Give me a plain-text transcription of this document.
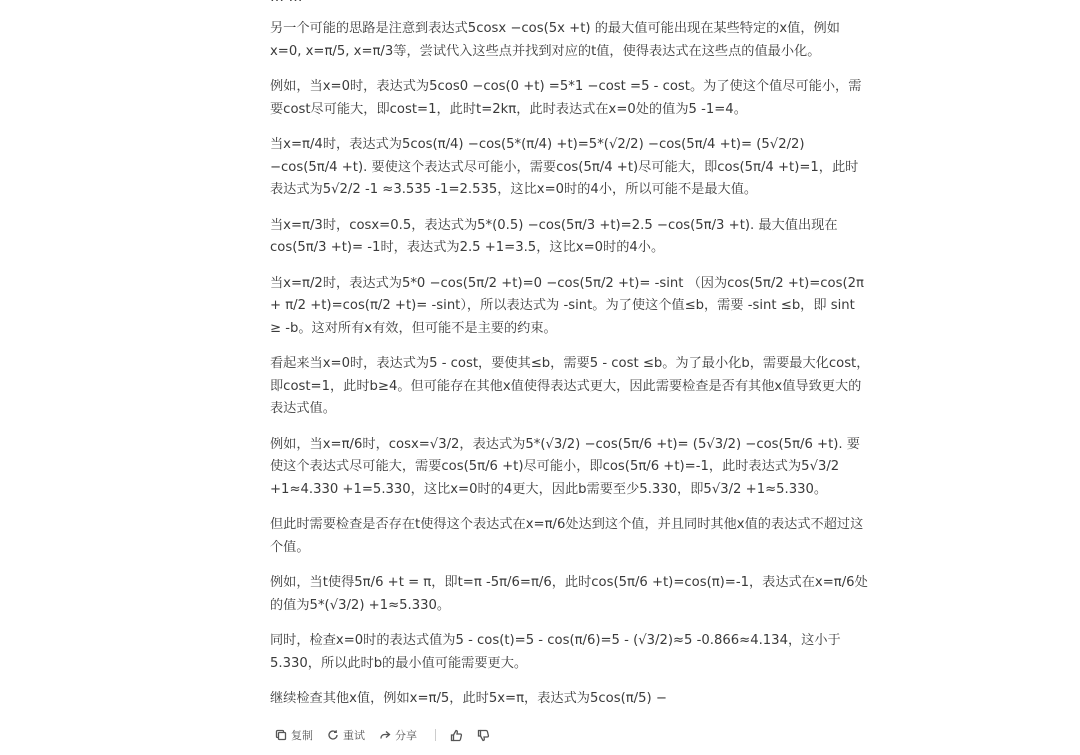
另一个可能的思路是注意到表达式5cosx −cos(5x +t) 的最大值可能出现在某些特定的x值，例如x=0, x=π/5, x=π/3等，尝试代入这些点并找到对应的t值，使得表达式在这些点的值最小化。

例如，当x=0时，表达式为5cos0 −cos(0 +t) =5*1 −cost =5 - cost。为了使这个值尽可能小，需要cost尽可能大，即cost=1，此时t=2kπ，此时表达式在x=0处的值为5 -1=4。

当x=π/4时，表达式为5cos(π/4) −cos(5*(π/4) +t)=5*(√2/2) −cos(5π/4 +t)= (5√2/2) −cos(5π/4 +t). 要使这个表达式尽可能小，需要cos(5π/4 +t)尽可能大，即cos(5π/4 +t)=1，此时表达式为5√2/2 -1 ≈3.535 -1=2.535，这比x=0时的4小，所以可能不是最大值。

当x=π/3时，cosx=0.5，表达式为5*(0.5) −cos(5π/3 +t)=2.5 −cos(5π/3 +t). 最大值出现在cos(5π/3 +t)= -1时，表达式为2.5 +1=3.5，这比x=0时的4小。

当x=π/2时，表达式为5*0 −cos(5π/2 +t)=0 −cos(5π/2 +t)= -sint （因为cos(5π/2 +t)=cos(2π + π/2 +t)=cos(π/2 +t)= -sint），所以表达式为 -sint。为了使这个值≤b，需要 -sint ≤b，即 sint ≥ -b。这对所有x有效，但可能不是主要的约束。

看起来当x=0时，表达式为5 - cost，要使其≤b，需要5 - cost ≤b。为了最小化b，需要最大化cost，即cost=1，此时b≥4。但可能存在其他x值使得表达式更大，因此需要检查是否有其他x值导致更大的表达式值。

例如，当x=π/6时，cosx=√3/2，表达式为5*(√3/2) −cos(5π/6 +t)= (5√3/2) −cos(5π/6 +t). 要使这个表达式尽可能大，需要cos(5π/6 +t)尽可能小，即cos(5π/6 +t)=-1，此时表达式为5√3/2 +1≈4.330 +1=5.330，这比x=0时的4更大，因此b需要至少5.330，即5√3/2 +1≈5.330。

但此时需要检查是否存在t使得这个表达式在x=π/6处达到这个值，并且同时其他x值的表达式不超过这个值。

例如，当t使得5π/6 +t = π，即t=π -5π/6=π/6，此时cos(5π/6 +t)=cos(π)=-1，表达式在x=π/6处的值为5*(√3/2) +1≈5.330。

同时，检查x=0时的表达式值为5 - cos(t)=5 - cos(π/6)=5 - (√3/2)≈5 -0.866≈4.134，这小于5.330，所以此时b的最小值可能需要更大。

继续检查其他x值，例如x=π/5，此时5x=π，表达式为5cos(π/5) −

复制	重试	分享
